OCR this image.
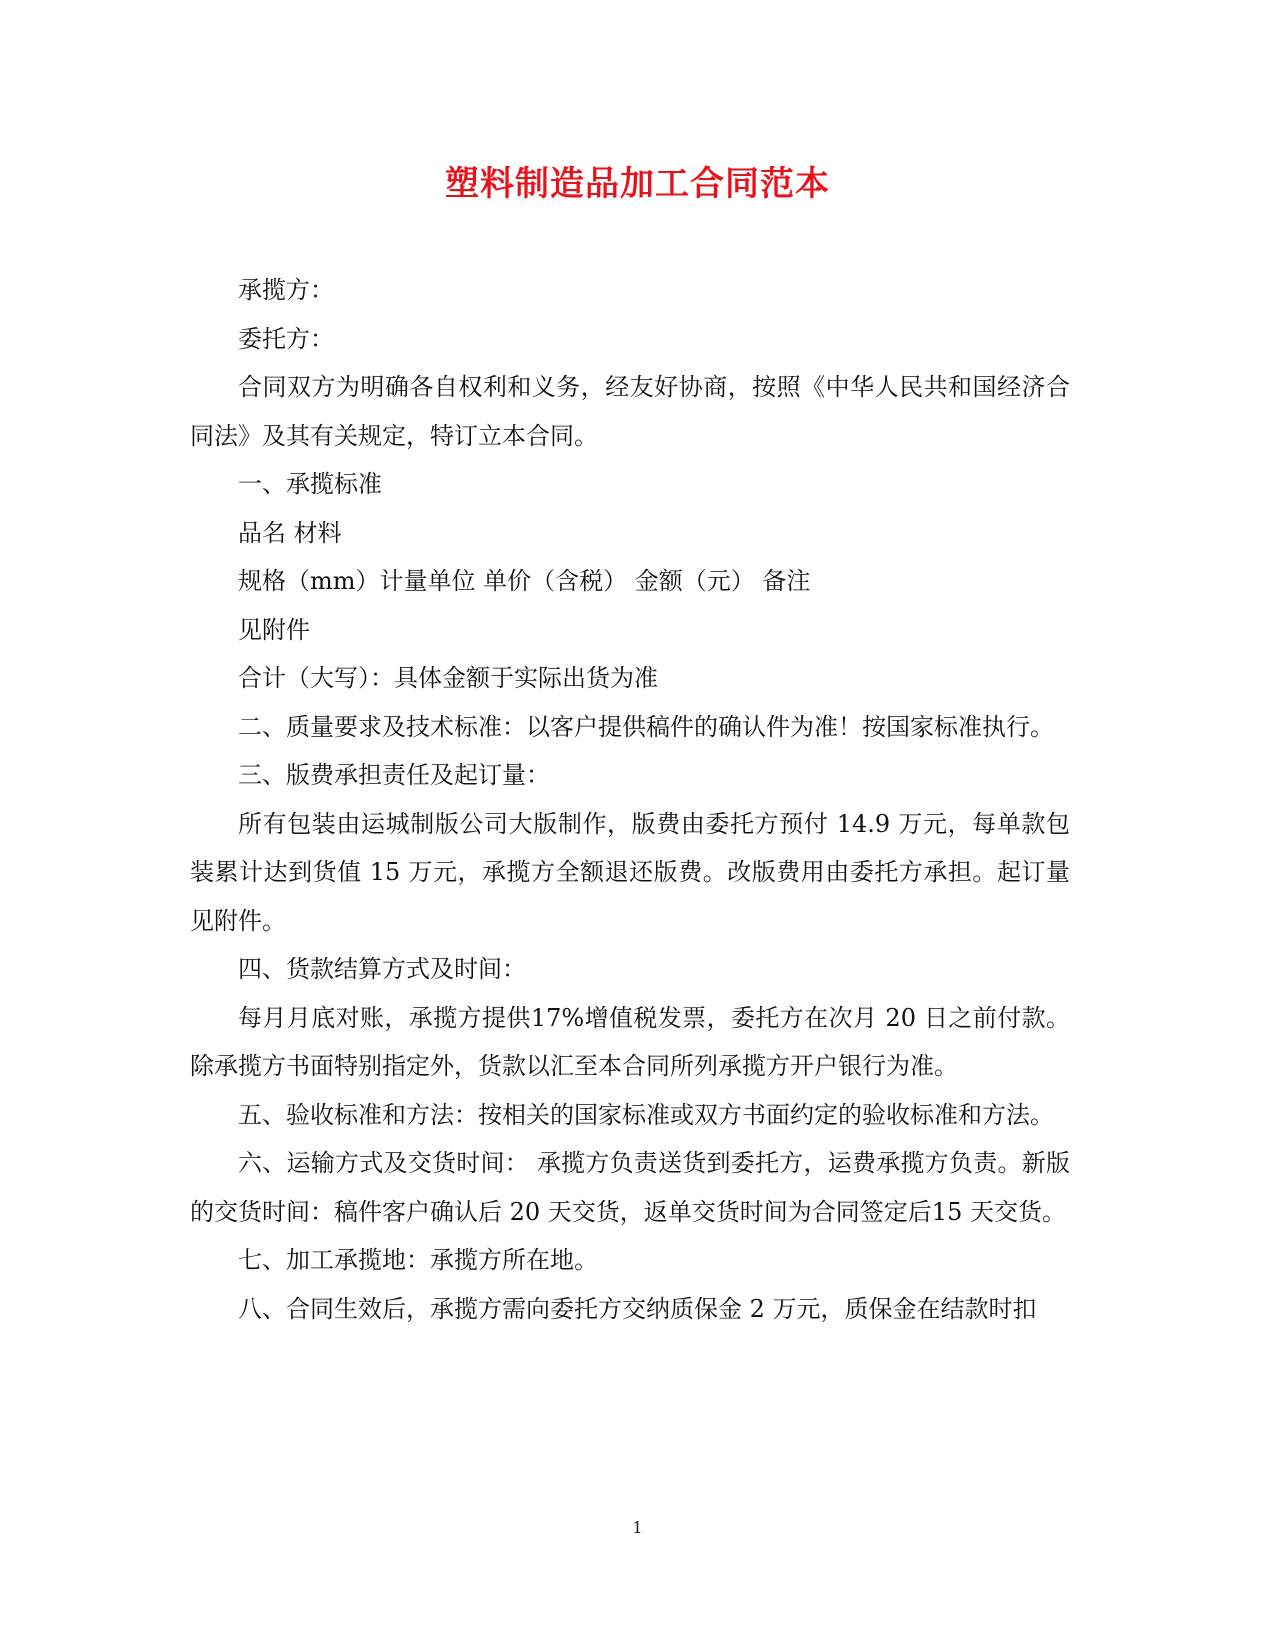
塑料制造品加工合同范本

承揽方：

委托方：

合同双方为明确各自权利和义务，经友好协商，按照《中华人民共和国经济合同法》及其有关规定，特订立本合同。

一、承揽标准

品名 材料

规格（mm）计量单位 单价（含税） 金额（元） 备注

见附件

合计（大写）：具体金额于实际出货为准

二、质量要求及技术标准：以客户提供稿件的确认件为准！按国家标准执行。

三、版费承担责任及起订量：

所有包装由运城制版公司大版制作，版费由委托方预付 14.9 万元，每单款包装累计达到货值 15 万元，承揽方全额退还版费。改版费用由委托方承担。起订量见附件。

四、货款结算方式及时间：

每月月底对账，承揽方提供17%增值税发票，委托方在次月 20 日之前付款。除承揽方书面特别指定外，货款以汇至本合同所列承揽方开户银行为准。

五、验收标准和方法：按相关的国家标准或双方书面约定的验收标准和方法。

六、运输方式及交货时间： 承揽方负责送货到委托方，运费承揽方负责。新版的交货时间：稿件客户确认后 20 天交货，返单交货时间为合同签定后15 天交货。

七、加工承揽地：承揽方所在地。

八、合同生效后，承揽方需向委托方交纳质保金 2 万元，质保金在结款时扣

1
